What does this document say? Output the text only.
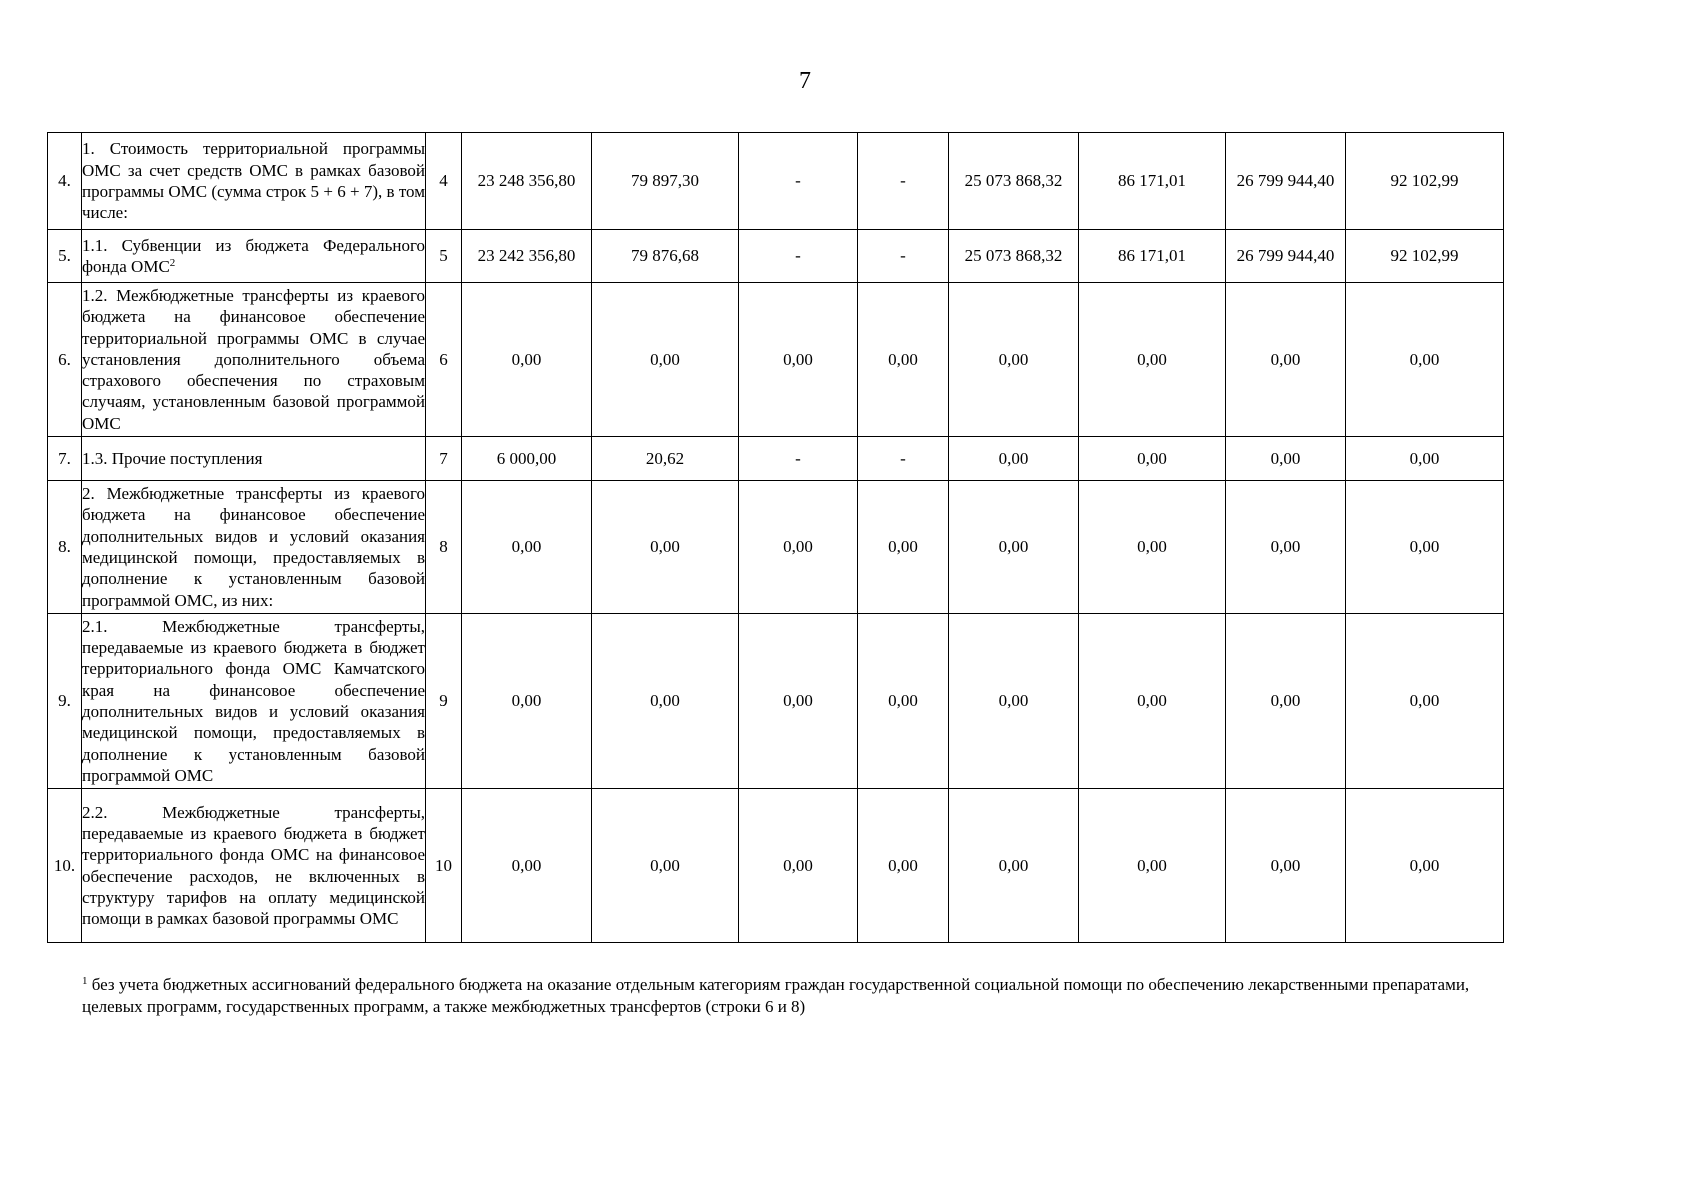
7
4.	1. Стоимость территориальной программы ОМС за счет средств ОМС в рамках базовой программы ОМС (сумма строк 5 + 6 + 7), в том числе:	4	23 248 356,80	79 897,30	-	-	25 073 868,32	86 171,01	26 799 944,40	92 102,99
5.	1.1. Субвенции из бюджета Федерального фонда ОМС$^2$	5	23 242 356,80	79 876,68	-	-	25 073 868,32	86 171,01	26 799 944,40	92 102,99
6.	1.2. Межбюджетные трансферты из краевого бюджета на финансовое обеспечение территориальной программы ОМС в случае установления дополнительного объема страхового обеспечения по страховым случаям, установленным базовой программой ОМС	6	0,00	0,00	0,00	0,00	0,00	0,00	0,00	0,00
7.	1.3. Прочие поступления	7	6 000,00	20,62	-	-	0,00	0,00	0,00	0,00
8.	2. Межбюджетные трансферты из краевого бюджета на финансовое обеспечение дополнительных видов и условий оказания медицинской помощи, предоставляемых в дополнение к установленным базовой программой ОМС, из них:	8	0,00	0,00	0,00	0,00	0,00	0,00	0,00	0,00
9.	2.1. Межбюджетные трансферты, передаваемые из краевого бюджета в бюджет территориального фонда ОМС Камчатского края на финансовое обеспечение дополнительных видов и условий оказания медицинской помощи, предоставляемых в дополнение к установленным базовой программой ОМС	9	0,00	0,00	0,00	0,00	0,00	0,00	0,00	0,00
10.	2.2. Межбюджетные трансферты, передаваемые из краевого бюджета в бюджет территориального фонда ОМС на финансовое обеспечение расходов, не включенных в структуру тарифов на оплату медицинской помощи в рамках базовой программы ОМС	10	0,00	0,00	0,00	0,00	0,00	0,00	0,00	0,00
$^1$ без учета бюджетных ассигнований федерального бюджета на оказание отдельным категориям граждан государственной социальной помощи по обеспечению лекарственными препаратами, целевых программ, государственных программ, а также межбюджетных трансфертов (строки 6 и 8)
